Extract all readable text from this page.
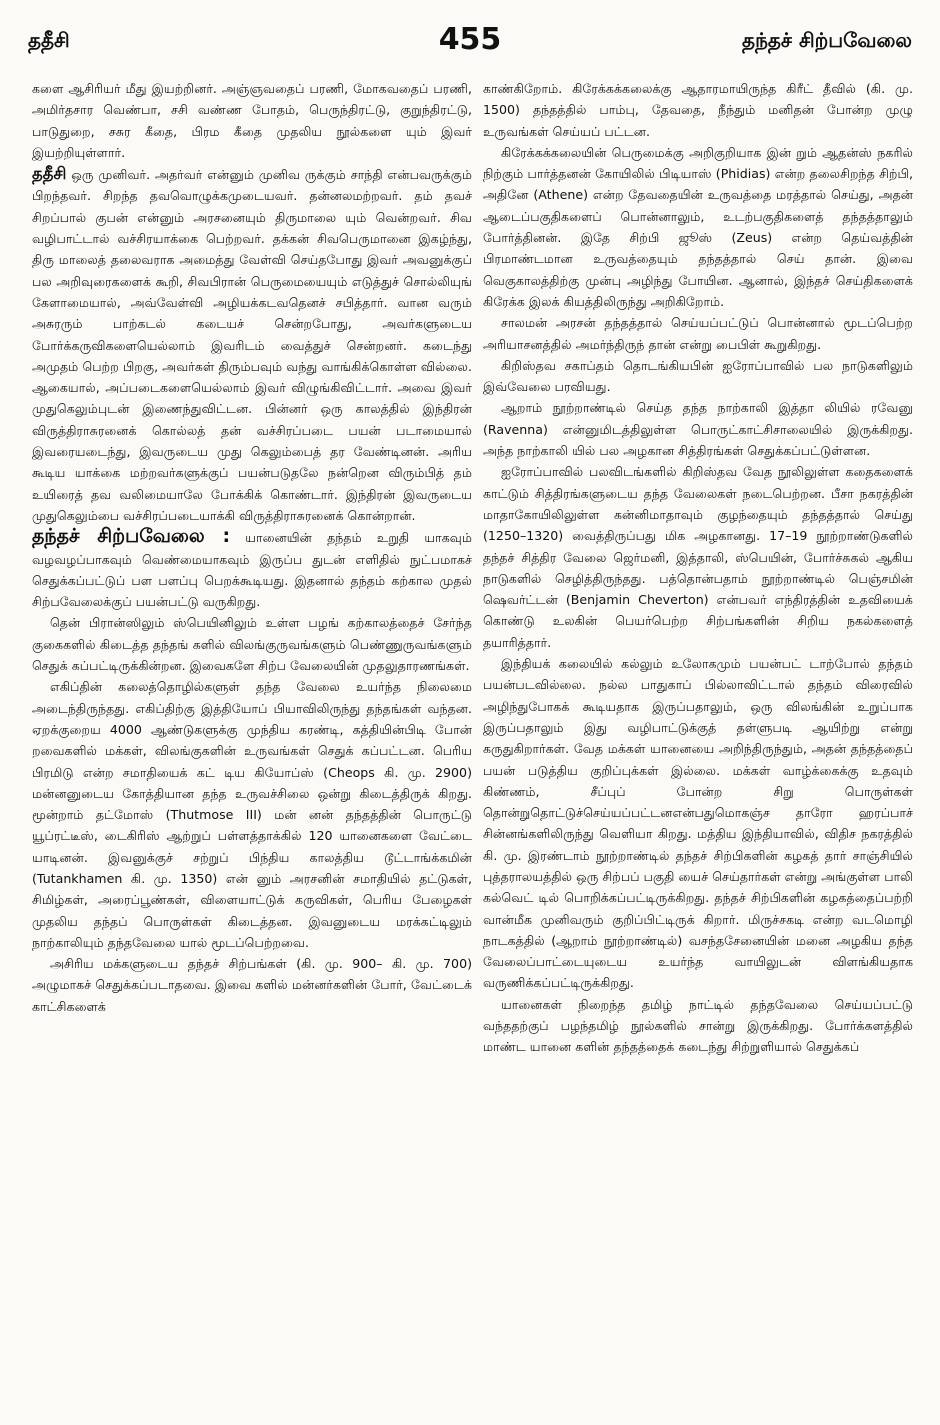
ததீசி	455	தந்தச் சிற்பவேலை

களை ஆசிரியர் மீது இயற்றினர். அஞ்ஞவதைப் பரணி, மோகவதைப் பரணி, அமிர்தசார வெண்பா, சசி வண்ண போதம், பெருந்திரட்டு, குறுந்திரட்டு, பாடுதுறை, சசுர கீதை, பிரம கீதை முதலிய நூல்களை யும் இவர் இயற்றியுள்ளார்.

ததீசி ஒரு முனிவர். அதர்வர் என்னும் முனிவ ருக்கும் சாந்தி என்பவருக்கும் பிறந்தவர். சிறந்த தவவொழுக்கமுடையவர். தன்னலமற்றவர். தம் தவச் சிறப்பால் குபன் என்னும் அரசனையும் திருமாலை யும் வென்றவர். சிவ வழிபாட்டால் வச்சிரயாக்கை பெற்றவர். தக்கன் சிவபெருமானை இகழ்ந்து, திரு மாலைத் தலைவராக அமைத்து வேள்வி செய்தபோது இவர் அவனுக்குப் பல அறிவுரைகளைக் கூறி, சிவபிரான் பெருமையையும் எடுத்துச் சொல்லியுங் கேளாமையால், அவ்வேள்வி அழியக்கடவதெனச் சபித்தார். வான வரும் அசுரரும் பாற்கடல் கடையச் சென்றபோது, அவர்களுடைய போர்க்கருவிகளையெல்லாம் இவரிடம் வைத்துச் சென்றனர். கடைந்து அமுதம் பெற்ற பிறகு, அவர்கள் திரும்பவும் வந்து வாங்கிக்கொள்ள வில்லை. ஆகையால், அப்படைகளையெல்லாம் இவர் விழுங்கிவிட்டார். அவை இவர் முதுகெலும்புடன் இணைந்துவிட்டன. பின்னர் ஒரு காலத்தில் இந்திரன் விருத்திராசுரனைக் கொல்லத் தன் வச்சிரப்படை பயன் படாமையால் இவரையடைந்து, இவருடைய முது கெலும்பைத் தர வேண்டினன். அரிய கூடிய யாக்கை மற்றவர்களுக்குப் பயன்படுதலே நன்றென விரும்பித் தம் உயிரைத் தவ வலிமையாலே போக்கிக் கொண்டார். இந்திரன் இவருடைய முதுகெலும்பை வச்சிரப்படையாக்கி விருத்திராசுரனைக் கொன்றான்.

தந்தச் சிற்பவேலை : யானையின் தந்தம் உறுதி யாகவும் வழவழப்பாகவும் வெண்மையாகவும் இருப்ப துடன் எளிதில் நுட்பமாகச் செதுக்கப்பட்டுப் பள பளப்பு பெறக்கூடியது. இதனால் தந்தம் கற்கால முதல் சிற்பவேலைக்குப் பயன்பட்டு வருகிறது.

தென் பிரான்ஸிலும் ஸ்பெயினிலும் உள்ள பழங் கற்காலத்தைச் சேர்ந்த குகைகளில் கிடைத்த தந்தங் களில் விலங்குருவங்களும் பெண்ணுருவங்களும் செதுக் கப்பட்டிருக்கின்றன. இவைகளே சிற்ப வேலையின் முதலுதாரணங்கள்.

எகிப்தின் கலைத்தொழில்களுள் தந்த வேலை உயர்ந்த நிலைமை அடைந்திருந்தது. எகிப்திற்கு இத்தியோப் பியாவிலிருந்து தந்தங்கள் வந்தன. ஏறக்குறைய 4000 ஆண்டுகளுக்கு முந்திய கரண்டி, கத்தியின்பிடி போன் றவைகளில் மக்கள், விலங்குகளின் உருவங்கள் செதுக் கப்பட்டன. பெரிய பிரமிடு என்ற சமாதியைக் கட் டிய கியோப்ஸ் (Cheops கி. மு. 2900) மன்னனுடைய கோத்தியான தந்த உருவச்சிலை ஒன்று கிடைத்திருக் கிறது. மூன்றாம் தட்மோஸ் (Thutmose III) மன் னன் தந்தத்தின் பொருட்டு யூப்ரட்டீஸ், டைகிரிஸ் ஆற்றுப் பள்ளத்தாக்கில் 120 யானைகளை வேட்டை யாடினன். இவனுக்குச் சற்றுப் பிந்திய காலத்திய டூட்டாங்க்கமின் (Tutankhamen கி. மு. 1350) என் னும் அரசனின் சமாதியில் தட்டுகள், சிமிழ்கள், அரைப்பூண்கள், விளையாட்டுக் கருவிகள், பெரிய பேழைகள் முதலிய தந்தப் பொருள்கள் கிடைத்தன. இவனுடைய மரக்கட்டிலும் நாற்காலியும் தந்தவேலை யால் மூடப்பெற்றவை.

அசிரிய மக்களுடைய தந்தச் சிற்பங்கள் (கி. மு. 900– கி. மு. 700) அழுமாகச் செதுக்கப்படாதவை. இவை களில் மன்னர்களின் போர், வேட்டைக் காட்சிகளைக்

காண்கிறோம். கிரேக்கக்கலைக்கு ஆதாரமாயிருந்த கிரீட் தீவில் (கி. மு. 1500) தந்தத்தில் பாம்பு, தேவதை, நீந்தும் மனிதன் போன்ற முழு உருவங்கள் செய்யப் பட்டன.

கிரேக்கக்கலையின் பெருமைக்கு அறிகுறியாக இன் றும் ஆதன்ஸ் நகரில் நிற்கும் பார்த்தனன் கோயிலில் பிடியாஸ் (Phidias) என்ற தலைசிறந்த சிற்பி, அதினே (Athene) என்ற தேவதையின் உருவத்தை மரத்தால் செய்து, அதன் ஆடைப்பகுதிகளைப் பொன்னாலும், உடற்பகுதிகளைத் தந்தத்தாலும் போர்த்தினன். இதே சிற்பி ஜூஸ் (Zeus) என்ற தெய்வத்தின் பிரமாண்டமான உருவத்தையும் தந்தத்தால் செய் தான். இவை வெகுகாலத்திற்கு முன்பு அழிந்து போயின. ஆனால், இந்தச் செய்திகளைக் கிரேக்க இலக் கியத்திலிருந்து அறிகிறோம்.

சாலமன் அரசன் தந்தத்தால் செய்யப்பட்டுப் பொன்னால் மூடப்பெற்ற அரியாசனத்தில் அமர்ந்திருந் தான் என்று பைபிள் கூறுகிறது.

கிறிஸ்தவ சகாப்தம் தொடங்கியபின் ஐரோப்பாவில் பல நாடுகளிலும் இவ்வேலை பரவியது.

ஆறாம் நூற்றாண்டில் செய்த தந்த நாற்காலி இத்தா லியில் ரவேனு (Ravenna) என்னுமிடத்திலுள்ள பொருட்காட்சிசாலையில் இருக்கிறது. அந்த நாற்காலி யில் பல அழகான சித்திரங்கள் செதுக்கப்பட்டுள்ளன.

ஐரோப்பாவில் பலவிடங்களில் கிறிஸ்தவ வேத நூலிலுள்ள கதைகளைக் காட்டும் சித்திரங்களுடைய தந்த வேலைகள் நடைபெற்றன. பீசா நகரத்தின் மாதாகோயிலிலுள்ள கன்னிமாதாவும் குழந்தையும் தந்தத்தால் செய்து (1250–1320) வைத்திருப்பது மிக அழகானது. 17–19 நூற்றாண்டுகளில் தந்தச் சித்திர வேலை ஜெர்மனி, இத்தாலி, ஸ்பெயின், போர்ச்சுகல் ஆகிய நாடுகளில் செழித்திருந்தது. பத்தொன்பதாம் நூற்றாண்டில் பெஞ்சமின் ஷெவர்ட்டன் (Benjamin Cheverton) என்பவர் எந்திரத்தின் உதவியைக் கொண்டு உலகின் பெயர்பெற்ற சிற்பங்களின் சிறிய நகல்களைத் தயாரித்தார்.

இந்தியக் கலையில் கல்லும் உலோகமும் பயன்பட் டாற்போல் தந்தம் பயன்படவில்லை. நல்ல பாதுகாப் பில்லாவிட்டால் தந்தம் விரைவில் அழிந்துபோகக் கூடியதாக இருப்பதாலும், ஒரு விலங்கின் உறுப்பாக இருப்பதாலும் இது வழிபாட்டுக்குத் தள்ளுபடி ஆயிற்று என்று கருதுகிறார்கள். வேத மக்கள் யானையை அறிந்திருந்தும், அதன் தந்தத்தைப் பயன் படுத்திய குறிப்புக்கள் இல்லை. மக்கள் வாழ்க்கைக்கு உதவும் கிண்ணம், சீப்புப் போன்ற சிறு பொருள்கள் தொன்றுதொட்டுச்செய்யப்பட்டனஎன்பதுமொகஞ்ச தாரோ ஹரப்பாச் சின்னங்களிலிருந்து வெளியா கிறது. மத்திய இந்தியாவில், விதிச நகரத்தில் கி. மு. இரண்டாம் நூற்றாண்டில் தந்தச் சிற்பிகளின் கழகத் தார் சாஞ்சியில் புத்தராலயத்தில் ஒரு சிற்பப் பகுதி யைச் செய்தார்கள் என்று அங்குள்ள பாலி கல்வெட் டில் பொறிக்கப்பட்டிருக்கிறது. தந்தச் சிற்பிகளின் கழகத்தைப்பற்றி வான்மீக முனிவரும் குறிப்பிட்டிருக் கிறார். மிருச்சகடி என்ற வடமொழி நாடகத்தில் (ஆறாம் நூற்றாண்டில்) வசந்தசேனையின் மனை அழகிய தந்த வேலைப்பாட்டையுடைய உயர்ந்த வாயிலுடன் விளங்கியதாக வருணிக்கப்பட்டிருக்கிறது.

யானைகள் நிறைந்த தமிழ் நாட்டில் தந்தவேலை செய்யப்பட்டு வந்ததற்குப் பழந்தமிழ் நூல்களில் சான்று இருக்கிறது. போர்க்களத்தில் மாண்ட யானை களின் தந்தத்தைக் கடைந்து சிற்றுளியால் செதுக்கப்
